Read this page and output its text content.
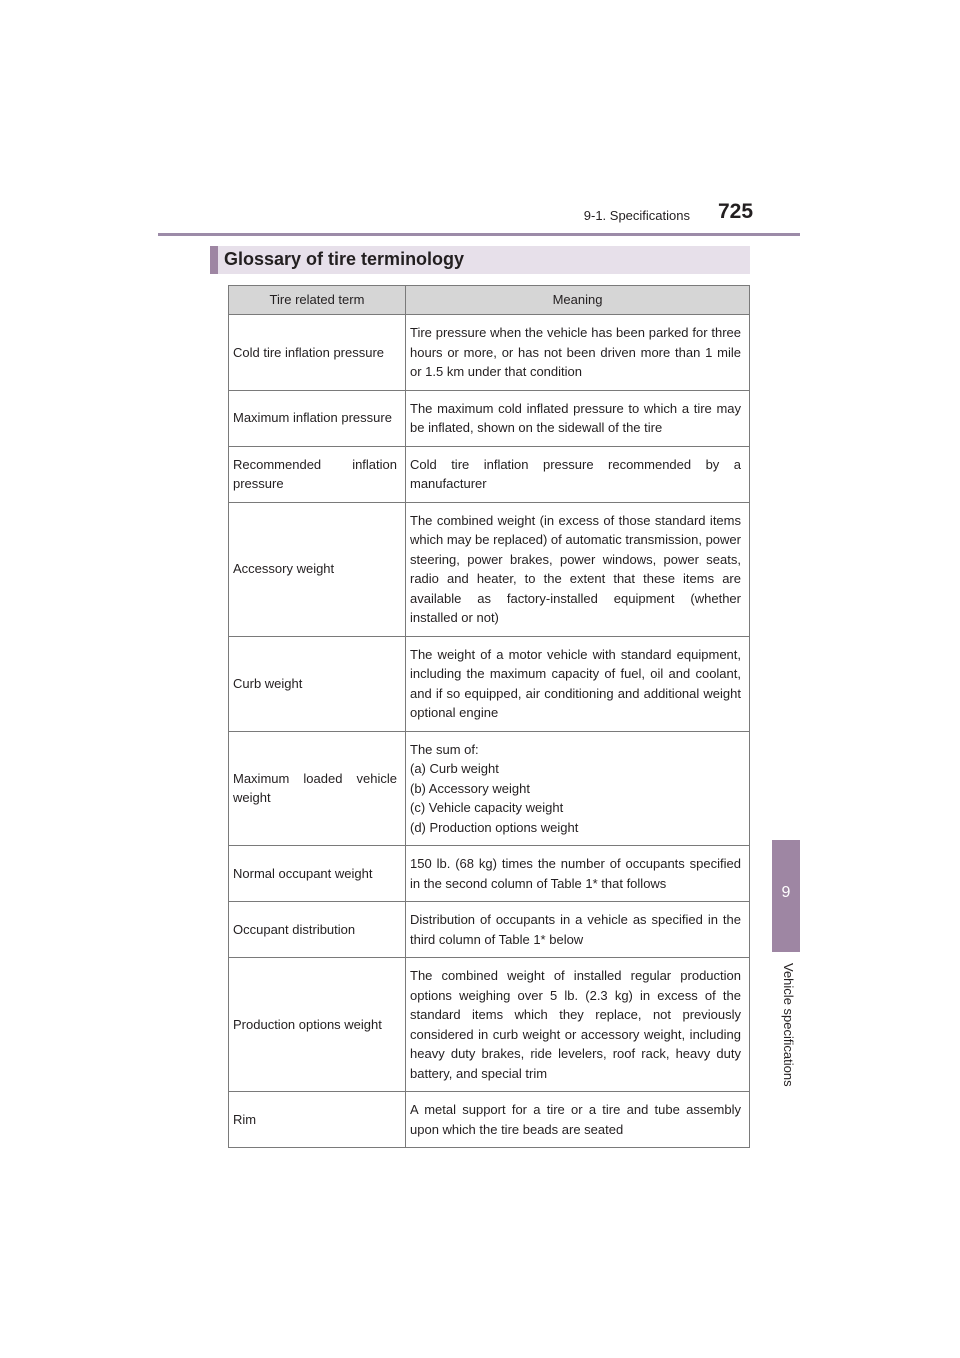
9-1. Specifications 725
9
Vehicle specifications
Glossary of tire terminology
Tire related term	Meaning
Cold tire inflation pressure	Tire pressure when the vehicle has been parked for three hours or more, or has not been driven more than 1 mile or 1.5 km under that condition
Maximum inflation pressure	The maximum cold inflated pressure to which a tire may be inflated, shown on the sidewall of the tire
Recommended inflation pressure	Cold tire inflation pressure recommended by a manufacturer
Accessory weight	The combined weight (in excess of those standard items which may be replaced) of automatic transmission, power steering, power brakes, power windows, power seats, radio and heater, to the extent that these items are available as factory-installed equipment (whether installed or not)
Curb weight	The weight of a motor vehicle with standard equipment, including the maximum capacity of fuel, oil and coolant, and if so equipped, air conditioning and additional weight optional engine
Maximum loaded vehicle weight	The sum of:
(a) Curb weight
(b) Accessory weight
(c) Vehicle capacity weight
(d) Production options weight
Normal occupant weight	150 lb. (68 kg) times the number of occupants specified in the second column of Table 1* that follows
Occupant distribution	Distribution of occupants in a vehicle as specified in the third column of Table 1* below
Production options weight	The combined weight of installed regular production options weighing over 5 lb. (2.3 kg) in excess of the standard items which they replace, not previously considered in curb weight or accessory weight, including heavy duty brakes, ride levelers, roof rack, heavy duty battery, and special trim
Rim	A metal support for a tire or a tire and tube assembly upon which the tire beads are seated
